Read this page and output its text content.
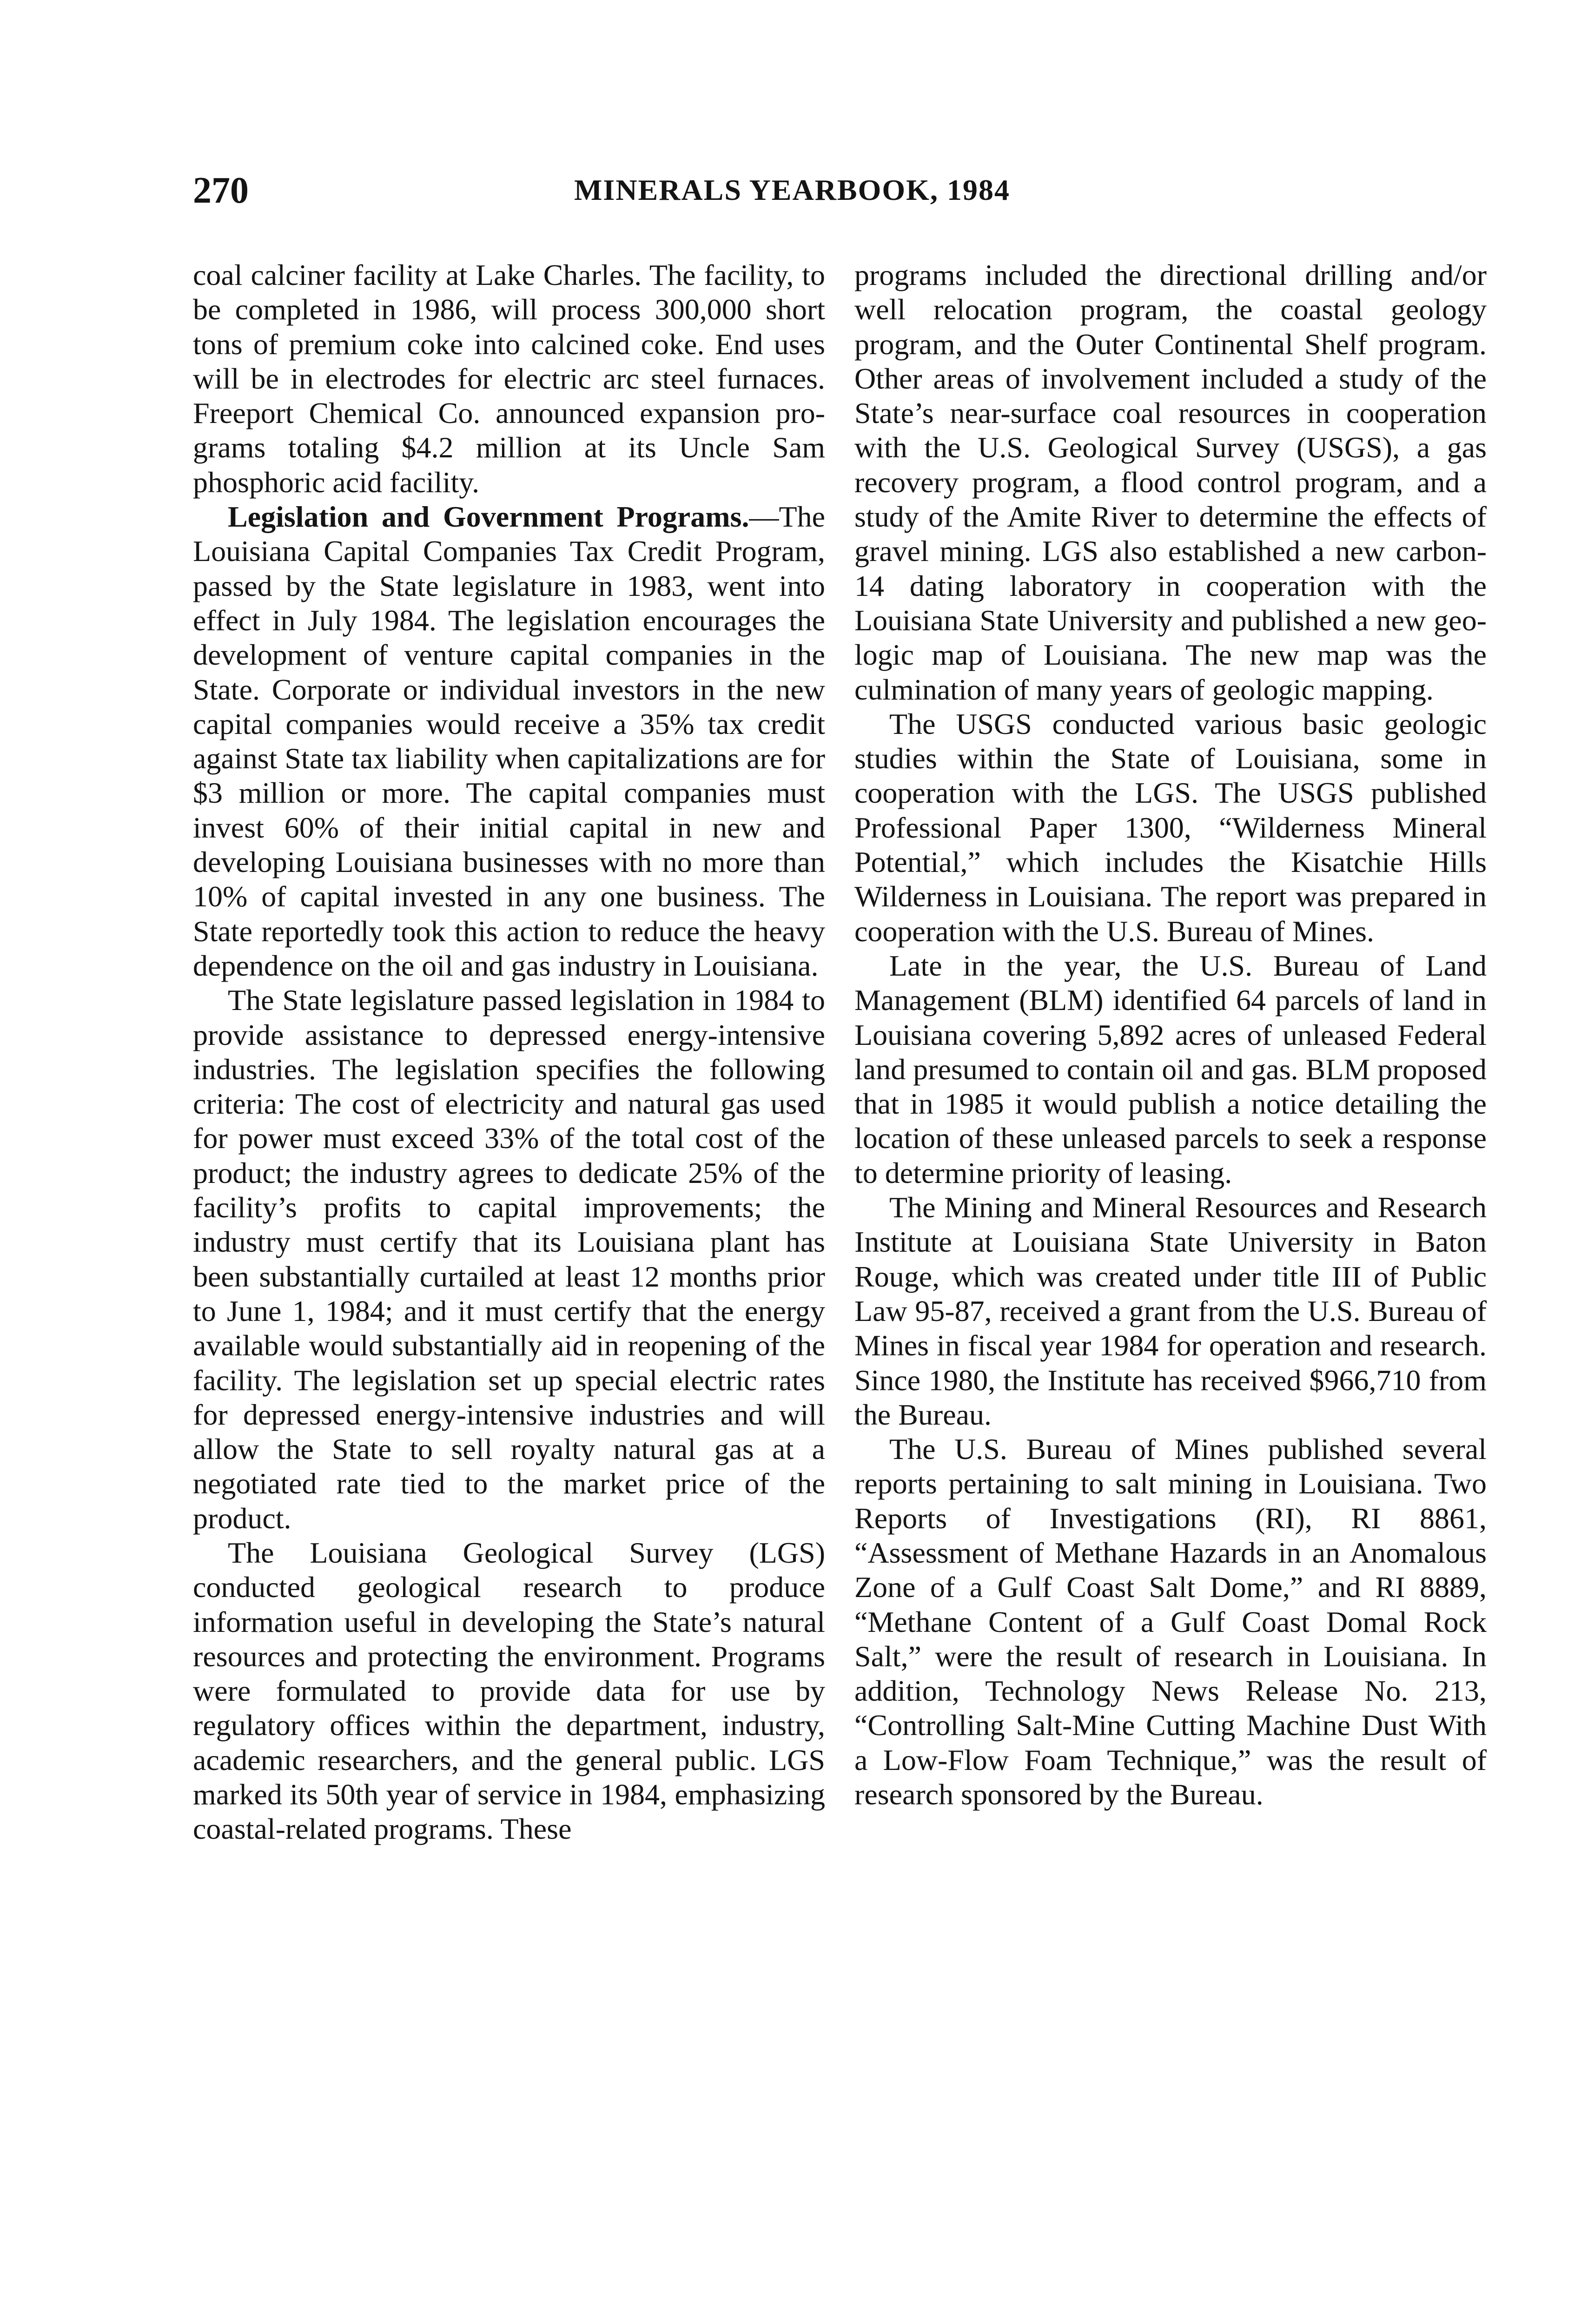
270	MINERALS YEARBOOK, 1984

coal calciner facility at Lake Charles. The facility, to be completed in 1986, will process 300,000 short tons of premium coke into calcined coke. End uses will be in electrodes for electric arc steel furnaces. Freeport Chemical Co. announced expansion programs totaling $4.2 million at its Uncle Sam phosphoric acid facility.

Legislation and Government Programs.—The Louisiana Capital Companies Tax Credit Program, passed by the State legislature in 1983, went into effect in July 1984. The legislation encourages the development of venture capital companies in the State. Corporate or individual investors in the new capital companies would receive a 35% tax credit against State tax liability when capitalizations are for $3 million or more. The capital companies must invest 60% of their initial capital in new and developing Louisiana businesses with no more than 10% of capital invested in any one business. The State reportedly took this action to reduce the heavy dependence on the oil and gas industry in Louisiana.

The State legislature passed legislation in 1984 to provide assistance to depressed energy-intensive industries. The legislation specifies the following criteria: The cost of electricity and natural gas used for power must exceed 33% of the total cost of the product; the industry agrees to dedicate 25% of the facility’s profits to capital improvements; the industry must certify that its Louisiana plant has been substantially curtailed at least 12 months prior to June 1, 1984; and it must certify that the energy available would substantially aid in reopening of the facility. The legislation set up special electric rates for depressed energy-intensive industries and will allow the State to sell royalty natural gas at a negotiated rate tied to the market price of the product.

The Louisiana Geological Survey (LGS) conducted geological research to produce information useful in developing the State’s natural resources and protecting the environment. Programs were formulated to provide data for use by regulatory offices within the department, industry, academic researchers, and the general public. LGS marked its 50th year of service in 1984, emphasizing coastal-related programs. These

programs included the directional drilling and/or well relocation program, the coastal geology program, and the Outer Continental Shelf program. Other areas of involvement included a study of the State’s near-surface coal resources in cooperation with the U.S. Geological Survey (USGS), a gas recovery program, a flood control program, and a study of the Amite River to determine the effects of gravel mining. LGS also established a new carbon-14 dating laboratory in cooperation with the Louisiana State University and published a new geologic map of Louisiana. The new map was the culmination of many years of geologic mapping.

The USGS conducted various basic geologic studies within the State of Louisiana, some in cooperation with the LGS. The USGS published Professional Paper 1300, “Wilderness Mineral Potential,” which includes the Kisatchie Hills Wilderness in Louisiana. The report was prepared in cooperation with the U.S. Bureau of Mines.

Late in the year, the U.S. Bureau of Land Management (BLM) identified 64 parcels of land in Louisiana covering 5,892 acres of unleased Federal land presumed to contain oil and gas. BLM proposed that in 1985 it would publish a notice detailing the location of these unleased parcels to seek a response to determine priority of leasing.

The Mining and Mineral Resources and Research Institute at Louisiana State University in Baton Rouge, which was created under title III of Public Law 95-87, received a grant from the U.S. Bureau of Mines in fiscal year 1984 for operation and research. Since 1980, the Institute has received $966,710 from the Bureau.

The U.S. Bureau of Mines published several reports pertaining to salt mining in Louisiana. Two Reports of Investigations (RI), RI 8861, “Assessment of Methane Hazards in an Anomalous Zone of a Gulf Coast Salt Dome,” and RI 8889, “Methane Content of a Gulf Coast Domal Rock Salt,” were the result of research in Louisiana. In addition, Technology News Release No. 213, “Controlling Salt-Mine Cutting Machine Dust With a Low-Flow Foam Technique,” was the result of research sponsored by the Bureau.
